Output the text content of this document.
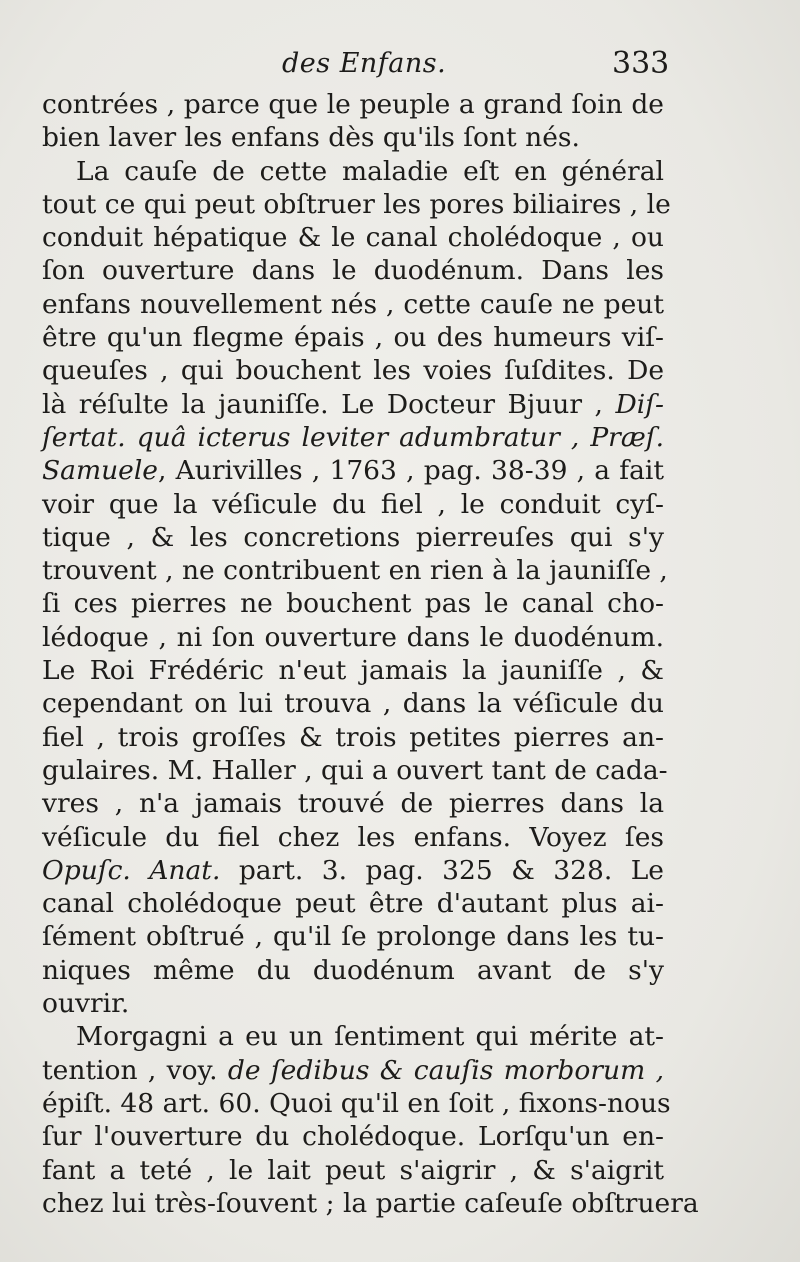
des Enfans.	333
contrées , parce que le peuple a grand ſoin de
bien laver les enfans dès qu'ils ſont nés.
La cauſe de cette maladie eſt en général
tout ce qui peut obſtruer les pores biliaires , le
conduit hépatique & le canal cholédoque , ou
ſon ouverture dans le duodénum. Dans les
enfans nouvellement nés , cette cauſe ne peut
être qu'un flegme épais , ou des humeurs viſ-
queuſes , qui bouchent les voies ſuſdites. De
là réſulte la jauniſſe. Le Docteur Bjuur , Diſ-
ſertat. quâ icterus leviter adumbratur , Præſ.
Samuele, Aurivilles , 1763 , pag. 38-39 , a fait
voir que la véſicule du fiel , le conduit cyſ-
tique , & les concretions pierreuſes qui s'y
trouvent , ne contribuent en rien à la jauniſſe ,
ſi ces pierres ne bouchent pas le canal cho-
lédoque , ni ſon ouverture dans le duodénum.
Le Roi Frédéric n'eut jamais la jauniſſe , &
cependant on lui trouva , dans la véſicule du
fiel , trois groſſes & trois petites pierres an-
gulaires. M. Haller , qui a ouvert tant de cada-
vres , n'a jamais trouvé de pierres dans la
véſicule du fiel chez les enfans. Voyez ſes
Opuſc. Anat. part. 3. pag. 325 & 328. Le
canal cholédoque peut être d'autant plus ai-
ſément obſtrué , qu'il ſe prolonge dans les tu-
niques même du duodénum avant de s'y
ouvrir.
Morgagni a eu un ſentiment qui mérite at-
tention , voy. de ſedibus & cauſis morborum ,
épiſt. 48 art. 60. Quoi qu'il en ſoit , fixons-nous
ſur l'ouverture du cholédoque. Lorſqu'un en-
fant a teté , le lait peut s'aigrir , & s'aigrit
chez lui très-ſouvent ; la partie caſeuſe obſtruera
